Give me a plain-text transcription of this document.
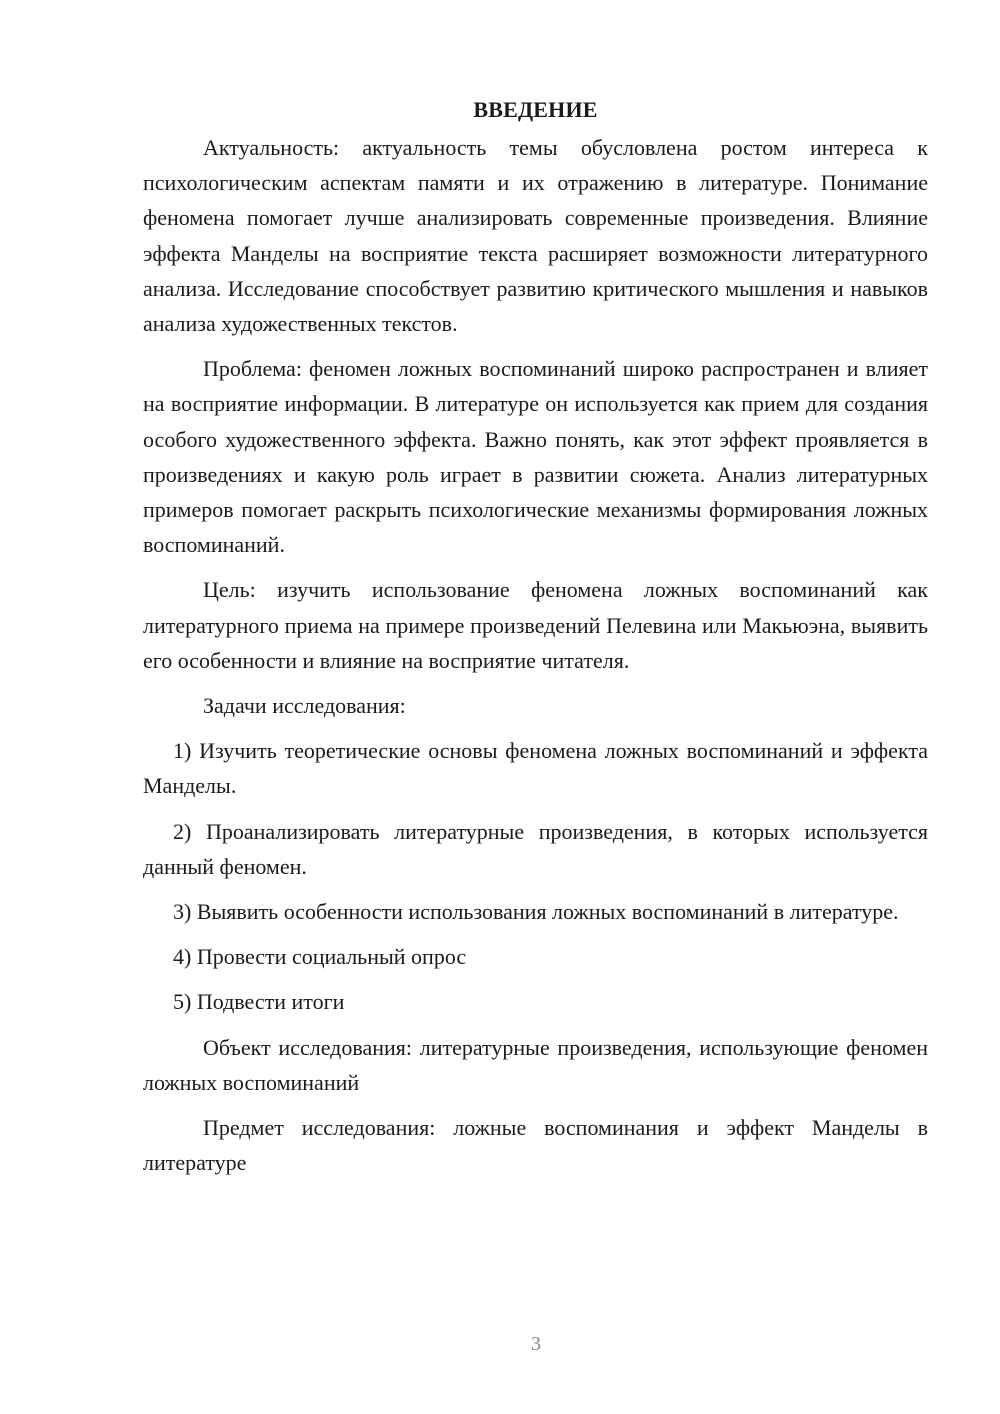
ВВЕДЕНИЕ

Актуальность: актуальность темы обусловлена ростом интереса к психологическим аспектам памяти и их отражению в литературе. Понимание феномена помогает лучше анализировать современные произведения. Влияние эффекта Манделы на восприятие текста расширяет возможности литературного анализа. Исследование способствует развитию критического мышления и навыков анализа художественных текстов.

Проблема: феномен ложных воспоминаний широко распространен и влияет на восприятие информации. В литературе он используется как прием для создания особого художественного эффекта. Важно понять, как этот эффект проявляется в произведениях и какую роль играет в развитии сюжета. Анализ литературных примеров помогает раскрыть психологические механизмы формирования ложных воспоминаний.

Цель: изучить использование феномена ложных воспоминаний как литературного приема на примере произведений Пелевина или Макьюэна, выявить его особенности и влияние на восприятие читателя.

Задачи исследования:

1) Изучить теоретические основы феномена ложных воспоминаний и эффекта Манделы.

2) Проанализировать литературные произведения, в которых используется данный феномен.

3) Выявить особенности использования ложных воспоминаний в литературе.

4) Провести социальный опрос

5) Подвести итоги

Объект исследования: литературные произведения, использующие феномен ложных воспоминаний

Предмет исследования: ложные воспоминания и эффект Манделы в литературе

3
